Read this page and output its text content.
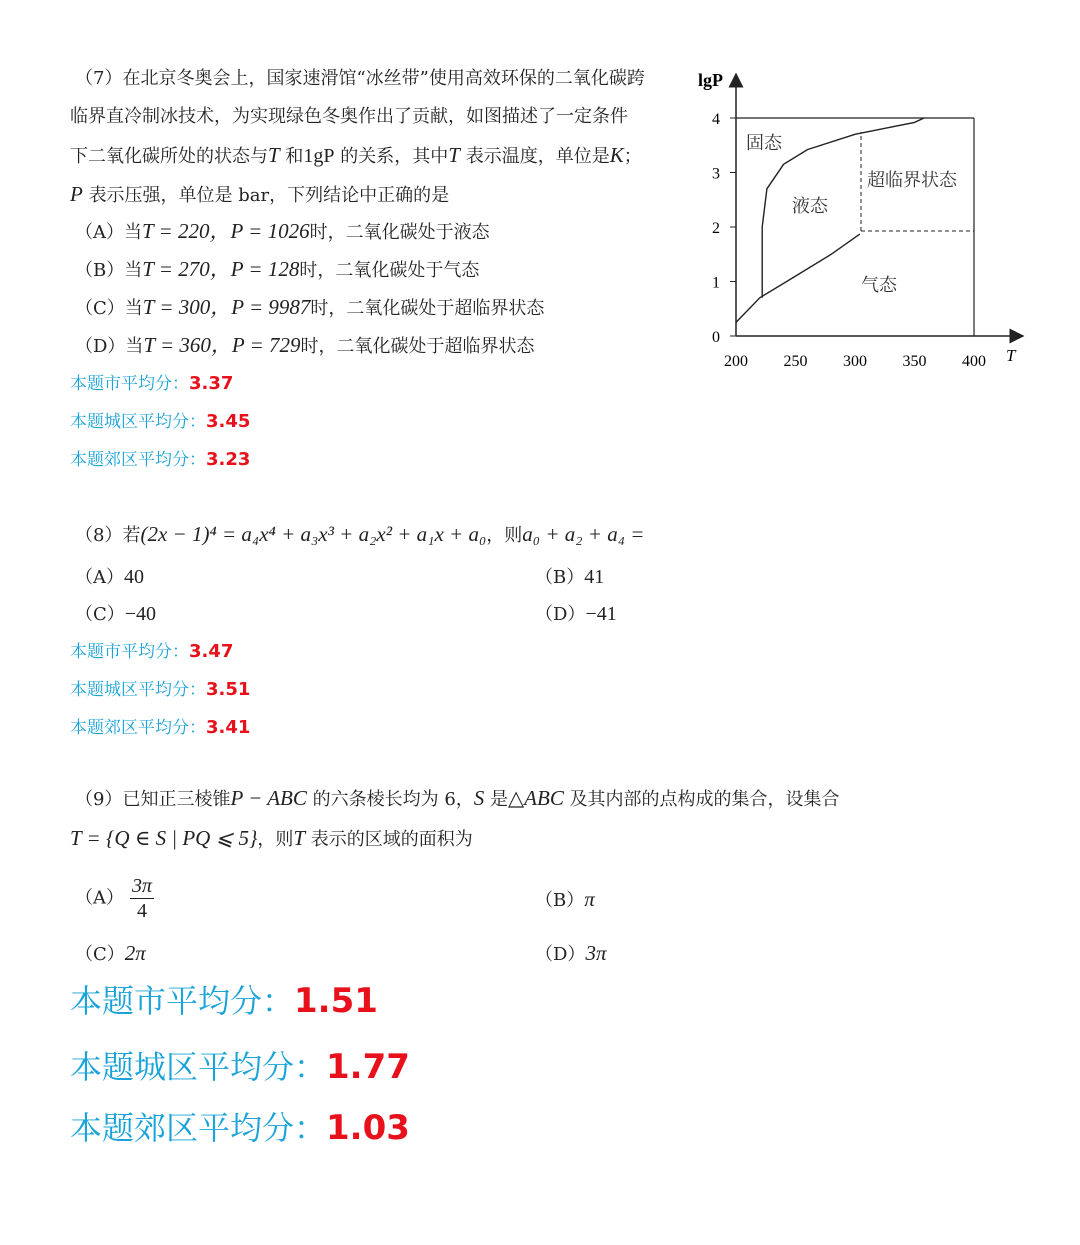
（7）在北京冬奥会上，国家速滑馆“冰丝带”使用高效环保的二氧化碳跨
临界直冷制冰技术，为实现绿色冬奥作出了贡献，如图描述了一定条件
下二氧化碳所处的状态与T 和1gP 的关系，其中T 表示温度，单位是K；
P 表示压强，单位是 bar，下列结论中正确的是
（A）当T = 220，P = 1026时，二氧化碳处于液态
（B）当T = 270，P = 128时，二氧化碳处于气态
（C）当T = 300，P = 9987时，二氧化碳处于超临界状态
（D）当T = 360，P = 729时，二氧化碳处于超临界状态
本题市平均分：3.37
本题城区平均分：3.45
本题郊区平均分：3.23
200 250 300 350 400
0
1
2
3
4
lgP
T
固态
液态
超临界状态
气态
（8）若(2x − 1)⁴ = a₄x⁴ + a₃x³ + a₂x² + a₁x + a₀，则a₀ + a₂ + a₄ =
（A）40	（B）41
（C）−40	（D）−41
本题市平均分：3.47
本题城区平均分：3.51
本题郊区平均分：3.41
（9）已知正三棱锥P − ABC 的六条棱长均为 6，S 是△ABC 及其内部的点构成的集合，设集合
T = {Q ∈ S | PQ ⩽ 5}，则T 表示的区域的面积为
$(A) \frac{3\pi}{4}$	（B）π
（C）2π	（D）3π
本题市平均分：1.51
本题城区平均分：1.77
本题郊区平均分：1.03
